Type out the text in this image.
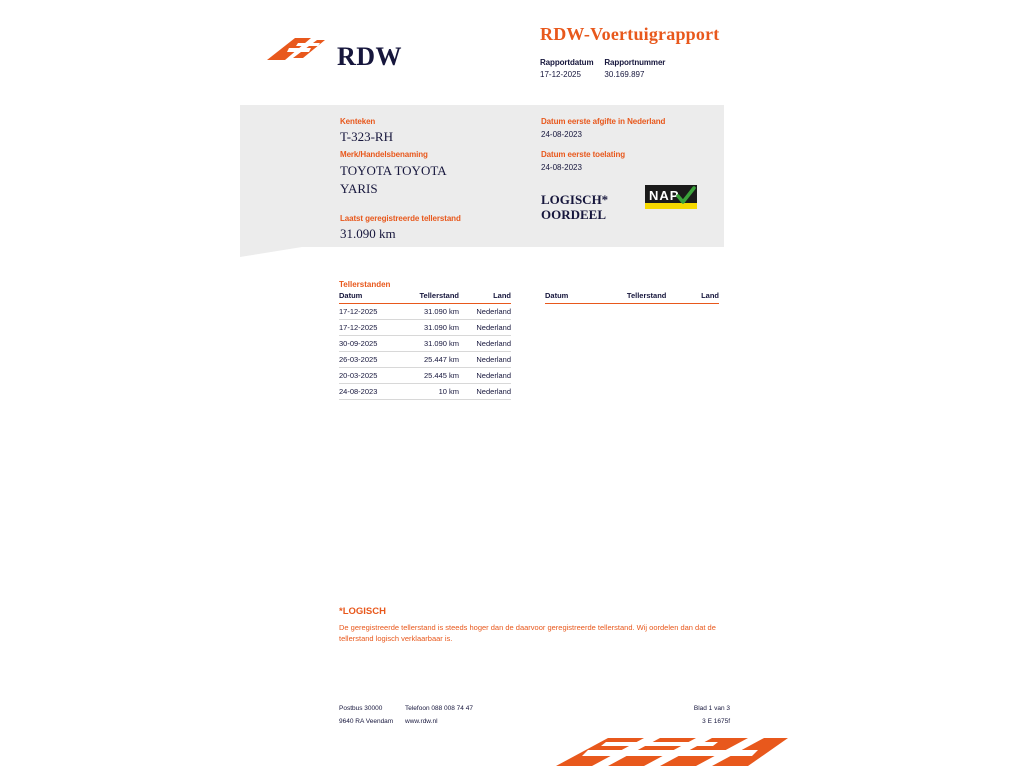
RDW
RDW-Voertuigrapport
Rapportdatum
17-12-2025

Rapportnummer
30.169.897
Kenteken
T-323-RH
Merk/Handelsbenaming
TOYOTA TOYOTA YARIS
Laatst geregistreerde tellerstand
31.090 km
Datum eerste afgifte in Nederland
24-08-2023
Datum eerste toelating
24-08-2023
LOGISCH* OORDEEL
NAP
Tellerstanden
Datum	Tellerstand	Land
17-12-2025	31.090 km	Nederland
17-12-2025	31.090 km	Nederland
30-09-2025	31.090 km	Nederland
26-03-2025	25.447 km	Nederland
20-03-2025	25.445 km	Nederland
24-08-2023	10 km	Nederland
Datum	Tellerstand	Land
*LOGISCH
De geregistreerde tellerstand is steeds hoger dan de daarvoor geregistreerde tellerstand. Wij oordelen dan dat de tellerstand logisch verklaarbaar is.
Postbus 30000
9640 RA Veendam
Telefoon 088 008 74 47
www.rdw.nl
Blad 1 van 3
3 E 1675f
